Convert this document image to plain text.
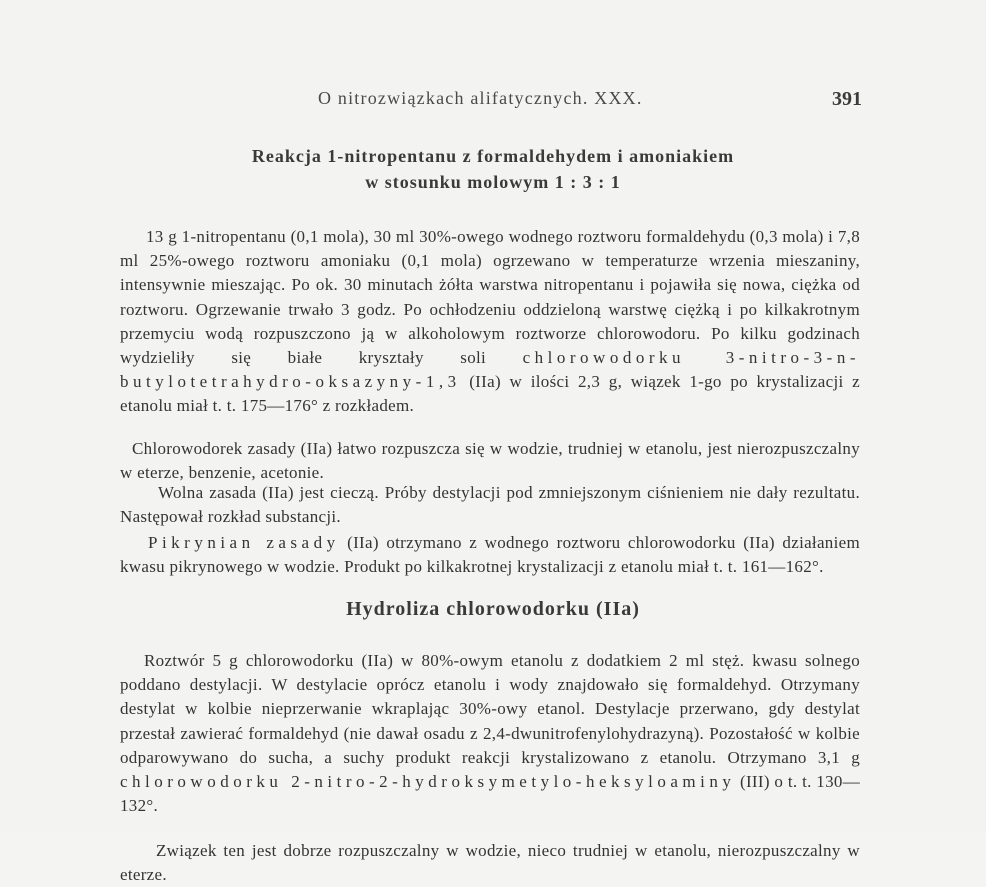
O nitrozwiązkach alifatycznych. XXX.	391
Reakcja 1-nitropentanu z formaldehydem i amoniakiem
w stosunku molowym 1 : 3 : 1

13 g 1-nitropentanu (0,1 mola), 30 ml 30%-owego wodnego roztworu formaldehydu (0,3 mola) i 7,8 ml 25%-owego roztworu amoniaku (0,1 mola) ogrzewano w temperaturze wrzenia mieszaniny, intensywnie mieszając. Po ok. 30 minutach żółta warstwa nitropentanu i pojawiła się nowa, ciężka od roztworu. Ogrzewanie trwało 3 godz. Po ochłodzeniu oddzieloną warstwę ciężką i po kilkakrotnym przemyciu wodą rozpuszczono ją w alkoholowym roztworze chlorowodoru. Po kilku godzinach wydzieliły się białe kryształy soli chlorowodorku 3-nitro-3-n-butylotetrahydro-oksazyny-1,3 (IIa) w ilości 2,3 g, wiązek 1-go po krystalizacji z etanolu miał t. t. 175—176° z rozkładem.

Chlorowodorek zasady (IIa) łatwo rozpuszcza się w wodzie, trudniej w etanolu, jest nierozpuszczalny w eterze, benzenie, acetonie.

Wolna zasada (IIa) jest cieczą. Próby destylacji pod zmniejszonym ciśnieniem nie dały rezultatu. Następował rozkład substancji.

Pikrynian zasady (IIa) otrzymano z wodnego roztworu chlorowodorku (IIa) działaniem kwasu pikrynowego w wodzie. Produkt po kilkakrotnej krystalizacji z etanolu miał t. t. 161—162°.

Hydroliza chlorowodorku (IIa)

Roztwór 5 g chlorowodorku (IIa) w 80%-owym etanolu z dodatkiem 2 ml stęż. kwasu solnego poddano destylacji. W destylacie oprócz etanolu i wody znajdowało się formaldehyd. Otrzymany destylat w kolbie nieprzerwanie wkraplając 30%-owy etanol. Destylacje przerwano, gdy destylat przestał zawierać formaldehyd (nie dawał osadu z 2,4-dwunitrofenylohydrazyną). Pozostałość w kolbie odparowywano do sucha, a suchy produkt reakcji krystalizowano z etanolu. Otrzymano 3,1 g chlorowodorku 2-nitro-2-hydroksymetylo-heksyloaminy (III) o t. t. 130—132°.

Związek ten jest dobrze rozpuszczalny w wodzie, nieco trudniej w etanolu, nierozpuszczalny w eterze.
